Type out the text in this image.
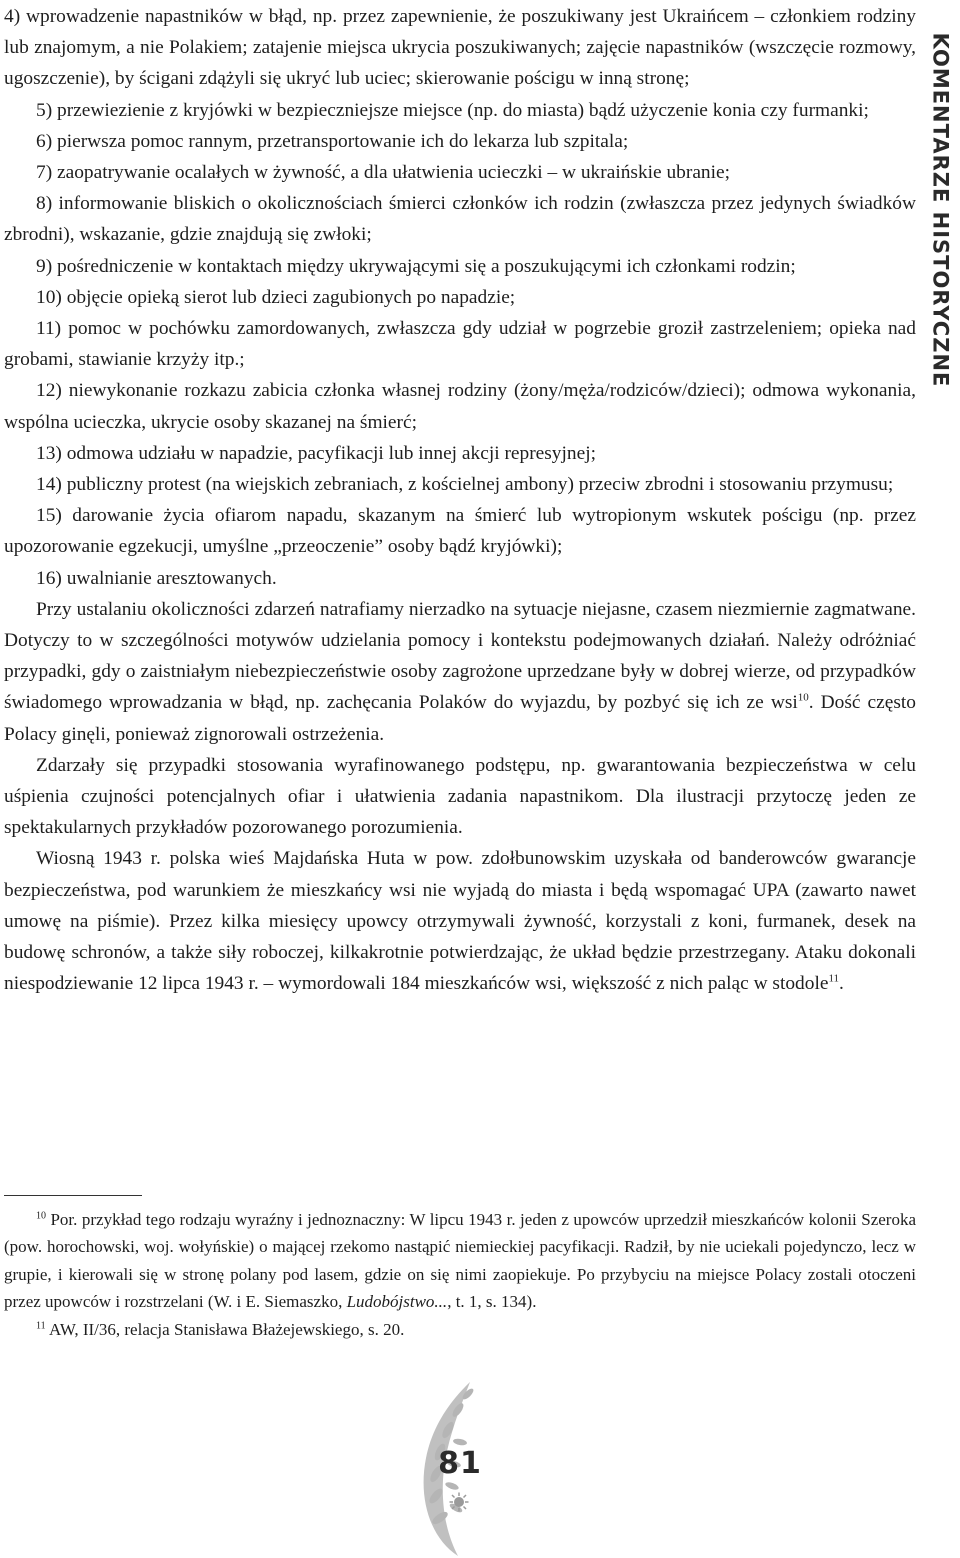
4) wprowadzenie napastników w błąd, np. przez zapewnienie, że poszukiwany jest Ukraińcem – członkiem rodziny lub znajomym, a nie Polakiem; zatajenie miejsca ukrycia poszukiwanych; zajęcie napastników (wszczęcie rozmowy, ugoszczenie), by ścigani zdążyli się ukryć lub uciec; skierowanie pościgu w inną stronę;

5) przewiezienie z kryjówki w bezpieczniejsze miejsce (np. do miasta) bądź użyczenie konia czy furmanki;

6) pierwsza pomoc rannym, przetransportowanie ich do lekarza lub szpitala;

7) zaopatrywanie ocalałych w żywność, a dla ułatwienia ucieczki – w ukraińskie ubranie;

8) informowanie bliskich o okolicznościach śmierci członków ich rodzin (zwłaszcza przez jedynych świadków zbrodni), wskazanie, gdzie znajdują się zwłoki;

9) pośredniczenie w kontaktach między ukrywającymi się a poszukującymi ich członkami rodzin;

10) objęcie opieką sierot lub dzieci zagubionych po napadzie;

11) pomoc w pochówku zamordowanych, zwłaszcza gdy udział w pogrzebie groził zastrzeleniem; opieka nad grobami, stawianie krzyży itp.;

12) niewykonanie rozkazu zabicia członka własnej rodziny (żony/męża/rodziców/dzieci); odmowa wykonania, wspólna ucieczka, ukrycie osoby skazanej na śmierć;

13) odmowa udziału w napadzie, pacyfikacji lub innej akcji represyjnej;

14) publiczny protest (na wiejskich zebraniach, z kościelnej ambony) przeciw zbrodni i stosowaniu przymusu;

15) darowanie życia ofiarom napadu, skazanym na śmierć lub wytropionym wskutek pościgu (np. przez upozorowanie egzekucji, umyślne „przeoczenie” osoby bądź kryjówki);

16) uwalnianie aresztowanych.

Przy ustalaniu okoliczności zdarzeń natrafiamy nierzadko na sytuacje niejasne, czasem niezmiernie zagmatwane. Dotyczy to w szczególności motywów udzielania pomocy i kontekstu podejmowanych działań. Należy odróżniać przypadki, gdy o zaistniałym niebezpieczeństwie osoby zagrożone uprzedzane były w dobrej wierze, od przypadków świadomego wprowadzania w błąd, np. zachęcania Polaków do wyjazdu, by pozbyć się ich ze wsi$^{10}$. Dość często Polacy ginęli, ponieważ zignorowali ostrzeżenia.

Zdarzały się przypadki stosowania wyrafinowanego podstępu, np. gwarantowania bezpieczeństwa w celu uśpienia czujności potencjalnych ofiar i ułatwienia zadania napastnikom. Dla ilustracji przytoczę jeden ze spektakularnych przykładów pozorowanego porozumienia.

Wiosną 1943 r. polska wieś Majdańska Huta w pow. zdołbunowskim uzyskała od banderowców gwarancje bezpieczeństwa, pod warunkiem że mieszkańcy wsi nie wyjadą do miasta i będą wspomagać UPA (zawarto nawet umowę na piśmie). Przez kilka miesięcy upowcy otrzymywali żywność, korzystali z koni, furmanek, desek na budowę schronów, a także siły roboczej, kilkakrotnie potwierdzając, że układ będzie przestrzegany. Ataku dokonali niespodziewanie 12 lipca 1943 r. – wymordowali 184 mieszkańców wsi, większość z nich paląc w stodole$^{11}$.

$^{10}$ Por. przykład tego rodzaju wyraźny i jednoznaczny: W lipcu 1943 r. jeden z upowców uprzedził mieszkańców kolonii Szeroka (pow. horochowski, woj. wołyńskie) o mającej rzekomo nastąpić niemieckiej pacyfikacji. Radził, by nie uciekali pojedynczo, lecz w grupie, i kierowali się w stronę polany pod lasem, gdzie on się nimi zaopiekuje. Po przybyciu na miejsce Polacy zostali otoczeni przez upowców i rozstrzelani (W. i E. Siemaszko, Ludobójstwo..., t. 1, s. 134).

$^{11}$ AW, II/36, relacja Stanisława Błażejewskiego, s. 20.

KOMENTARZE HISTORYCZNE
81
